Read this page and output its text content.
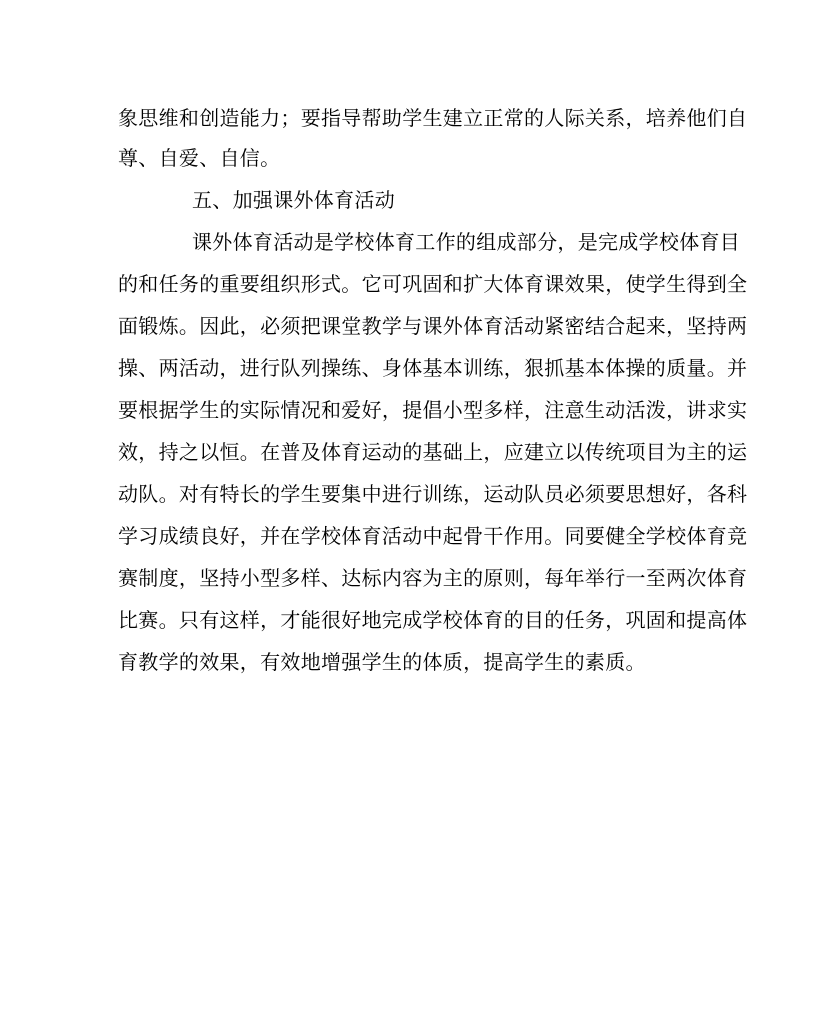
象思维和创造能力；要指导帮助学生建立正常的人际关系，培养他们自
尊、自爱、自信。
五、加强课外体育活动
课外体育活动是学校体育工作的组成部分，是完成学校体育目
的和任务的重要组织形式。它可巩固和扩大体育课效果，使学生得到全
面锻炼。因此，必须把课堂教学与课外体育活动紧密结合起来，坚持两
操、两活动，进行队列操练、身体基本训练，狠抓基本体操的质量。并
要根据学生的实际情况和爱好，提倡小型多样，注意生动活泼，讲求实
效，持之以恒。在普及体育运动的基础上，应建立以传统项目为主的运
动队。对有特长的学生要集中进行训练，运动队员必须要思想好，各科
学习成绩良好，并在学校体育活动中起骨干作用。同要健全学校体育竞
赛制度，坚持小型多样、达标内容为主的原则，每年举行一至两次体育
比赛。只有这样，才能很好地完成学校体育的目的任务，巩固和提高体
育教学的效果，有效地增强学生的体质，提高学生的素质。
